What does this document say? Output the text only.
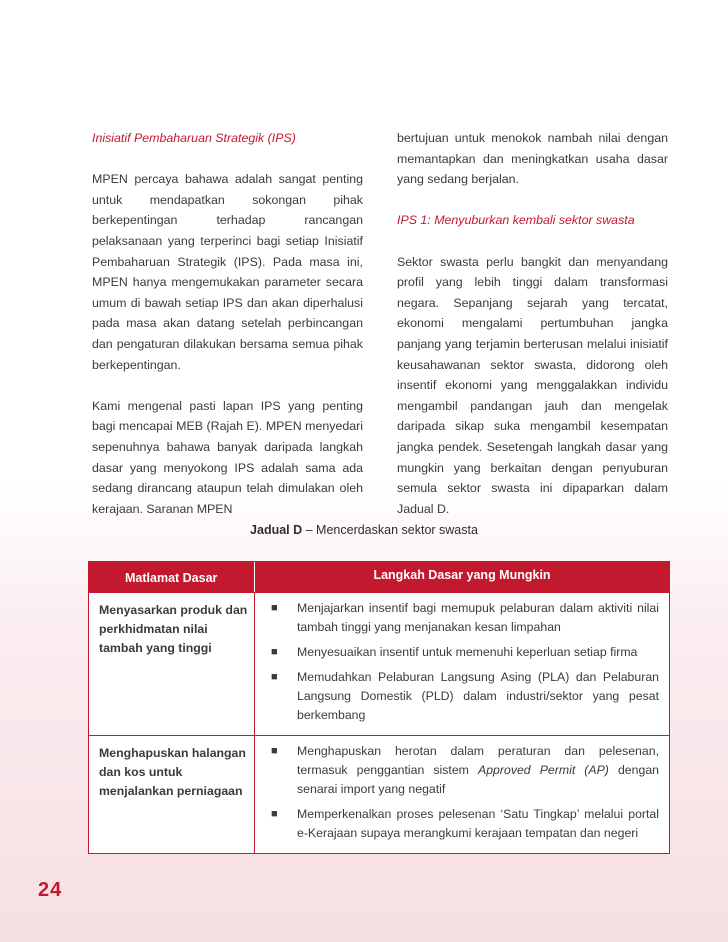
Inisiatif Pembaharuan Strategik (IPS)

MPEN percaya bahawa adalah sangat penting untuk mendapatkan sokongan pihak berkepentingan terhadap rancangan pelaksanaan yang terperinci bagi setiap Inisiatif Pembaharuan Strategik (IPS). Pada masa ini, MPEN hanya mengemukakan parameter secara umum di bawah setiap IPS dan akan diperhalusi pada masa akan datang setelah perbincangan dan pengaturan dilakukan bersama semua pihak berkepentingan.

Kami mengenal pasti lapan IPS yang penting bagi mencapai MEB (Rajah E). MPEN menyedari sepenuhnya bahawa banyak daripada langkah dasar yang menyokong IPS adalah sama ada sedang dirancang ataupun telah dimulakan oleh kerajaan. Saranan MPEN

bertujuan untuk menokok nambah nilai dengan memantapkan dan meningkatkan usaha dasar yang sedang berjalan.

IPS 1: Menyuburkan kembali sektor swasta

Sektor swasta perlu bangkit dan menyandang profil yang lebih tinggi dalam transformasi negara. Sepanjang sejarah yang tercatat, ekonomi mengalami pertumbuhan jangka panjang yang terjamin berterusan melalui inisiatif keusahawanan sektor swasta, didorong oleh insentif ekonomi yang menggalakkan individu mengambil pandangan jauh dan mengelak daripada sikap suka mengambil kesempatan jangka pendek. Sesetengah langkah dasar yang mungkin yang berkaitan dengan penyuburan semula sektor swasta ini dipaparkan dalam Jadual D.

Jadual D – Mencerdaskan sektor swasta
Matlamat Dasar	Langkah Dasar yang Mungkin
Menyasarkan produk dan perkhidmatan nilai tambah yang tinggi
■	Menjajarkan insentif bagi memupuk pelaburan dalam aktiviti nilai tambah tinggi yang menjanakan kesan limpahan
■	Menyesuaikan insentif untuk memenuhi keperluan setiap firma
■	Memudahkan Pelaburan Langsung Asing (PLA) dan Pelaburan Langsung Domestik (PLD) dalam industri/sektor yang pesat berkembang
Menghapuskan halangan dan kos untuk menjalankan perniagaan
■	Menghapuskan herotan dalam peraturan dan pelesenan, termasuk penggantian sistem Approved Permit (AP) dengan senarai import yang negatif
■	Memperkenalkan proses pelesenan ‘Satu Tingkap’ melalui portal e-Kerajaan supaya merangkumi kerajaan tempatan dan negeri
24
